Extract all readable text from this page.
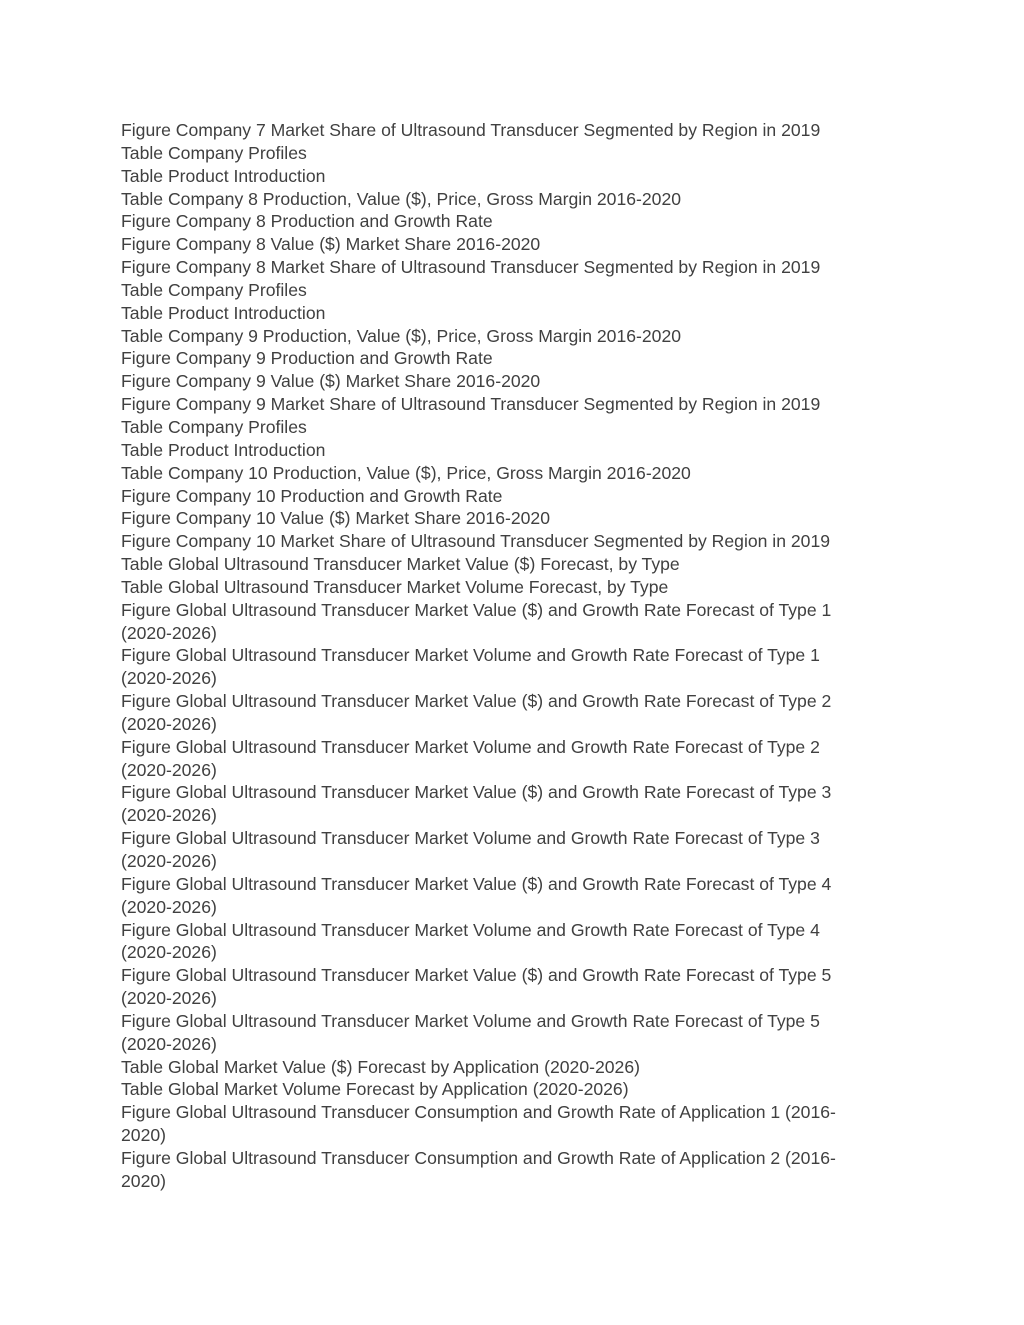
Figure Company 7 Market Share of Ultrasound Transducer Segmented by Region in 2019
Table Company Profiles
Table Product Introduction
Table Company 8 Production, Value ($), Price, Gross Margin 2016-2020
Figure Company 8 Production and Growth Rate
Figure Company 8 Value ($) Market Share 2016-2020
Figure Company 8 Market Share of Ultrasound Transducer Segmented by Region in 2019
Table Company Profiles
Table Product Introduction
Table Company 9 Production, Value ($), Price, Gross Margin 2016-2020
Figure Company 9 Production and Growth Rate
Figure Company 9 Value ($) Market Share 2016-2020
Figure Company 9 Market Share of Ultrasound Transducer Segmented by Region in 2019
Table Company Profiles
Table Product Introduction
Table Company 10 Production, Value ($), Price, Gross Margin 2016-2020
Figure Company 10 Production and Growth Rate
Figure Company 10 Value ($) Market Share 2016-2020
Figure Company 10 Market Share of Ultrasound Transducer Segmented by Region in 2019
Table Global Ultrasound Transducer Market Value ($) Forecast, by Type
Table Global Ultrasound Transducer Market Volume Forecast, by Type
Figure Global Ultrasound Transducer Market Value ($) and Growth Rate Forecast of Type 1
(2020-2026)
Figure Global Ultrasound Transducer Market Volume and Growth Rate Forecast of Type 1
(2020-2026)
Figure Global Ultrasound Transducer Market Value ($) and Growth Rate Forecast of Type 2
(2020-2026)
Figure Global Ultrasound Transducer Market Volume and Growth Rate Forecast of Type 2
(2020-2026)
Figure Global Ultrasound Transducer Market Value ($) and Growth Rate Forecast of Type 3
(2020-2026)
Figure Global Ultrasound Transducer Market Volume and Growth Rate Forecast of Type 3
(2020-2026)
Figure Global Ultrasound Transducer Market Value ($) and Growth Rate Forecast of Type 4
(2020-2026)
Figure Global Ultrasound Transducer Market Volume and Growth Rate Forecast of Type 4
(2020-2026)
Figure Global Ultrasound Transducer Market Value ($) and Growth Rate Forecast of Type 5
(2020-2026)
Figure Global Ultrasound Transducer Market Volume and Growth Rate Forecast of Type 5
(2020-2026)
Table Global Market Value ($) Forecast by Application (2020-2026)
Table Global Market Volume Forecast by Application (2020-2026)
Figure Global Ultrasound Transducer Consumption and Growth Rate of Application 1 (2016-
2020)
Figure Global Ultrasound Transducer Consumption and Growth Rate of Application 2 (2016-
2020)
